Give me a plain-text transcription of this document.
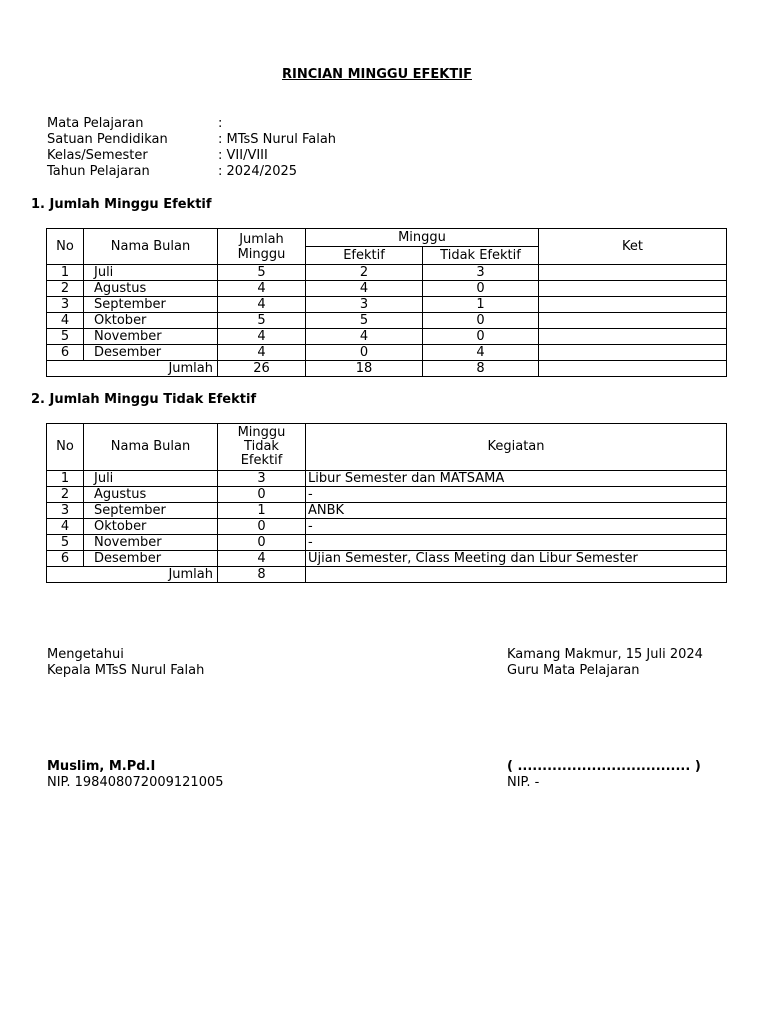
RINCIAN MINGGU EFEKTIF
Mata Pelajaran	:
Satuan Pendidikan	: MTsS Nurul Falah
Kelas/Semester	: VII/VIII
Tahun Pelajaran	: 2024/2025
1. Jumlah Minggu Efektif
No	Nama Bulan	Jumlah Minggu	Minggu		Ket
			Efektif	Tidak Efektif	
1	Juli	5	2	3	
2	Agustus	4	4	0	
3	September	4	3	1	
4	Oktober	5	5	0	
5	November	4	4	0	
6	Desember	4	0	4	
Jumlah		26	18	8	
2. Jumlah Minggu Tidak Efektif
No	Nama Bulan	Minggu
Tidak
Efektif	Kegiatan
1	Juli	3	Libur Semester dan MATSAMA
2	Agustus	0	-
3	September	1	ANBK
4	Oktober	0	-
5	November	0	-
6	Desember	4	Ujian Semester, Class Meeting dan Libur Semester
Jumlah		8	
Mengetahui
Kepala MTsS Nurul Falah
Muslim, M.Pd.I
NIP. 198408072009121005
Kamang Makmur, 15 Juli 2024
Guru Mata Pelajaran
( ................................... )
NIP. -
